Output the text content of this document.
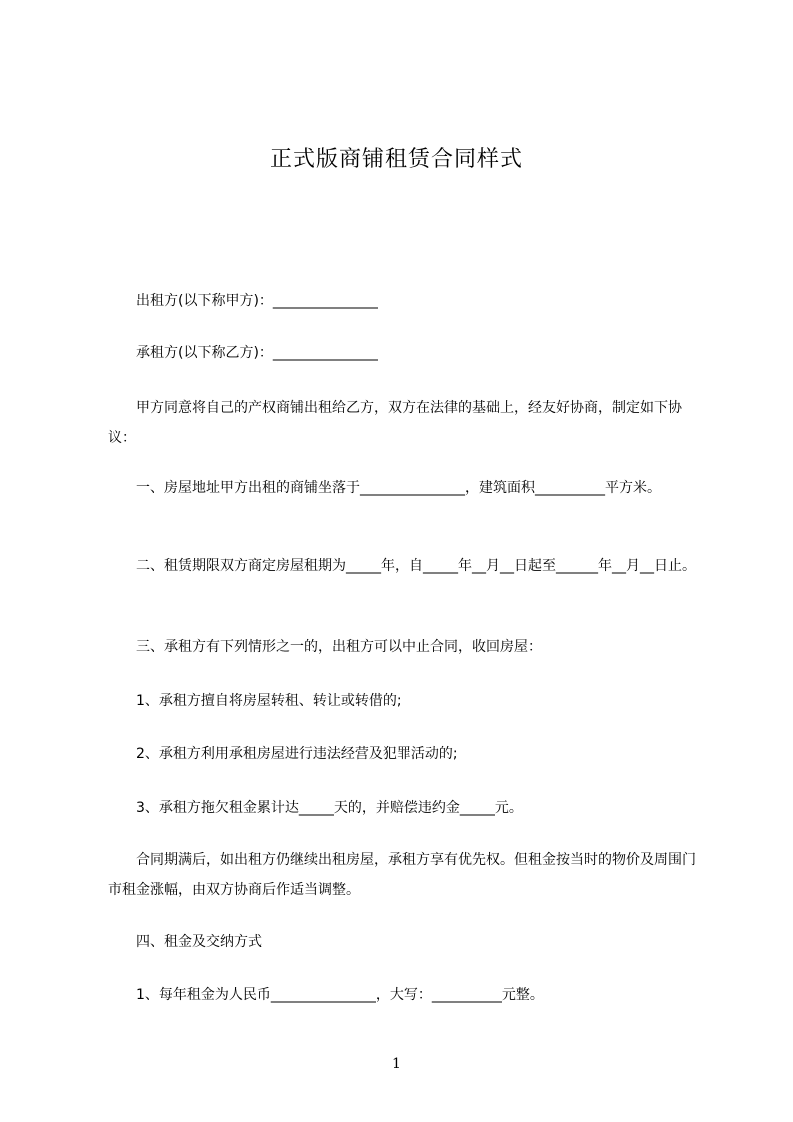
正式版商铺租赁合同样式

出租方(以下称甲方)：_______________

承租方(以下称乙方)：_______________

甲方同意将自己的产权商铺出租给乙方，双方在法律的基础上，经友好协商，制定如下协议：

一、房屋地址甲方出租的商铺坐落于_______________，建筑面积__________平方米。

二、租赁期限双方商定房屋租期为_____年，自_____年__月__日起至______年__月__日止。

三、承租方有下列情形之一的，出租方可以中止合同，收回房屋：

1、承租方擅自将房屋转租、转让或转借的;

2、承租方利用承租房屋进行违法经营及犯罪活动的;

3、承租方拖欠租金累计达_____天的，并赔偿违约金_____元。

合同期满后，如出租方仍继续出租房屋，承租方享有优先权。但租金按当时的物价及周围门市租金涨幅，由双方协商后作适当调整。

四、租金及交纳方式

1、每年租金为人民币_______________，大写：__________元整。

1
